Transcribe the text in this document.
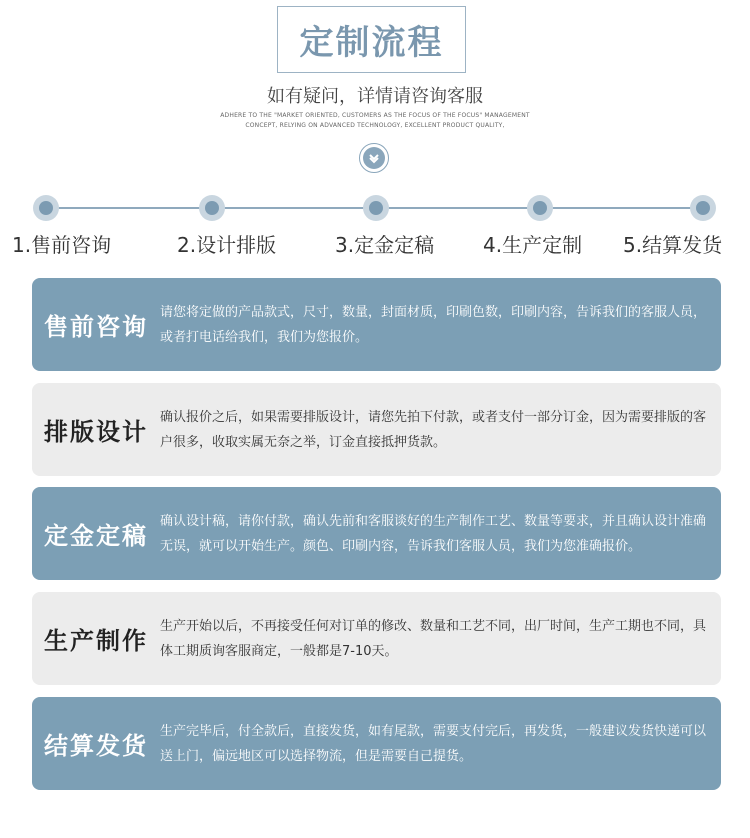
定制流程
如有疑问，详情请咨询客服
ADHERE TO THE "MARKET ORIENTED, CUSTOMERS AS THE FOCUS OF THE FOCUS" MANAGEMENT
CONCEPT, RELYING ON ADVANCED TECHNOLOGY, EXCELLENT PRODUCT QUALITY,
1.售前咨询	2.设计排版	3.定金定稿 4.生产定制 5.结算发货
售前咨询 请您将定做的产品款式，尺寸，数量，封面材质，印刷色数，印刷内容，告诉我们的客服人员，或者打电话给我们，我们为您报价。
排版设计 确认报价之后，如果需要排版设计，请您先拍下付款，或者支付一部分订金，因为需要排版的客户很多，收取实属无奈之举，订金直接抵押货款。
定金定稿 确认设计稿，请你付款，确认先前和客服谈好的生产制作工艺、数量等要求，并且确认设计准确无误，就可以开始生产。颜色、印刷内容，告诉我们客服人员，我们为您准确报价。
生产制作 生产开始以后，不再接受任何对订单的修改、数量和工艺不同，出厂时间，生产工期也不同，具体工期质询客服商定，一般都是7-10天。
结算发货 生产完毕后，付全款后，直接发货，如有尾款，需要支付完后，再发货，一般建议发货快递可以送上门，偏远地区可以选择物流，但是需要自己提货。
